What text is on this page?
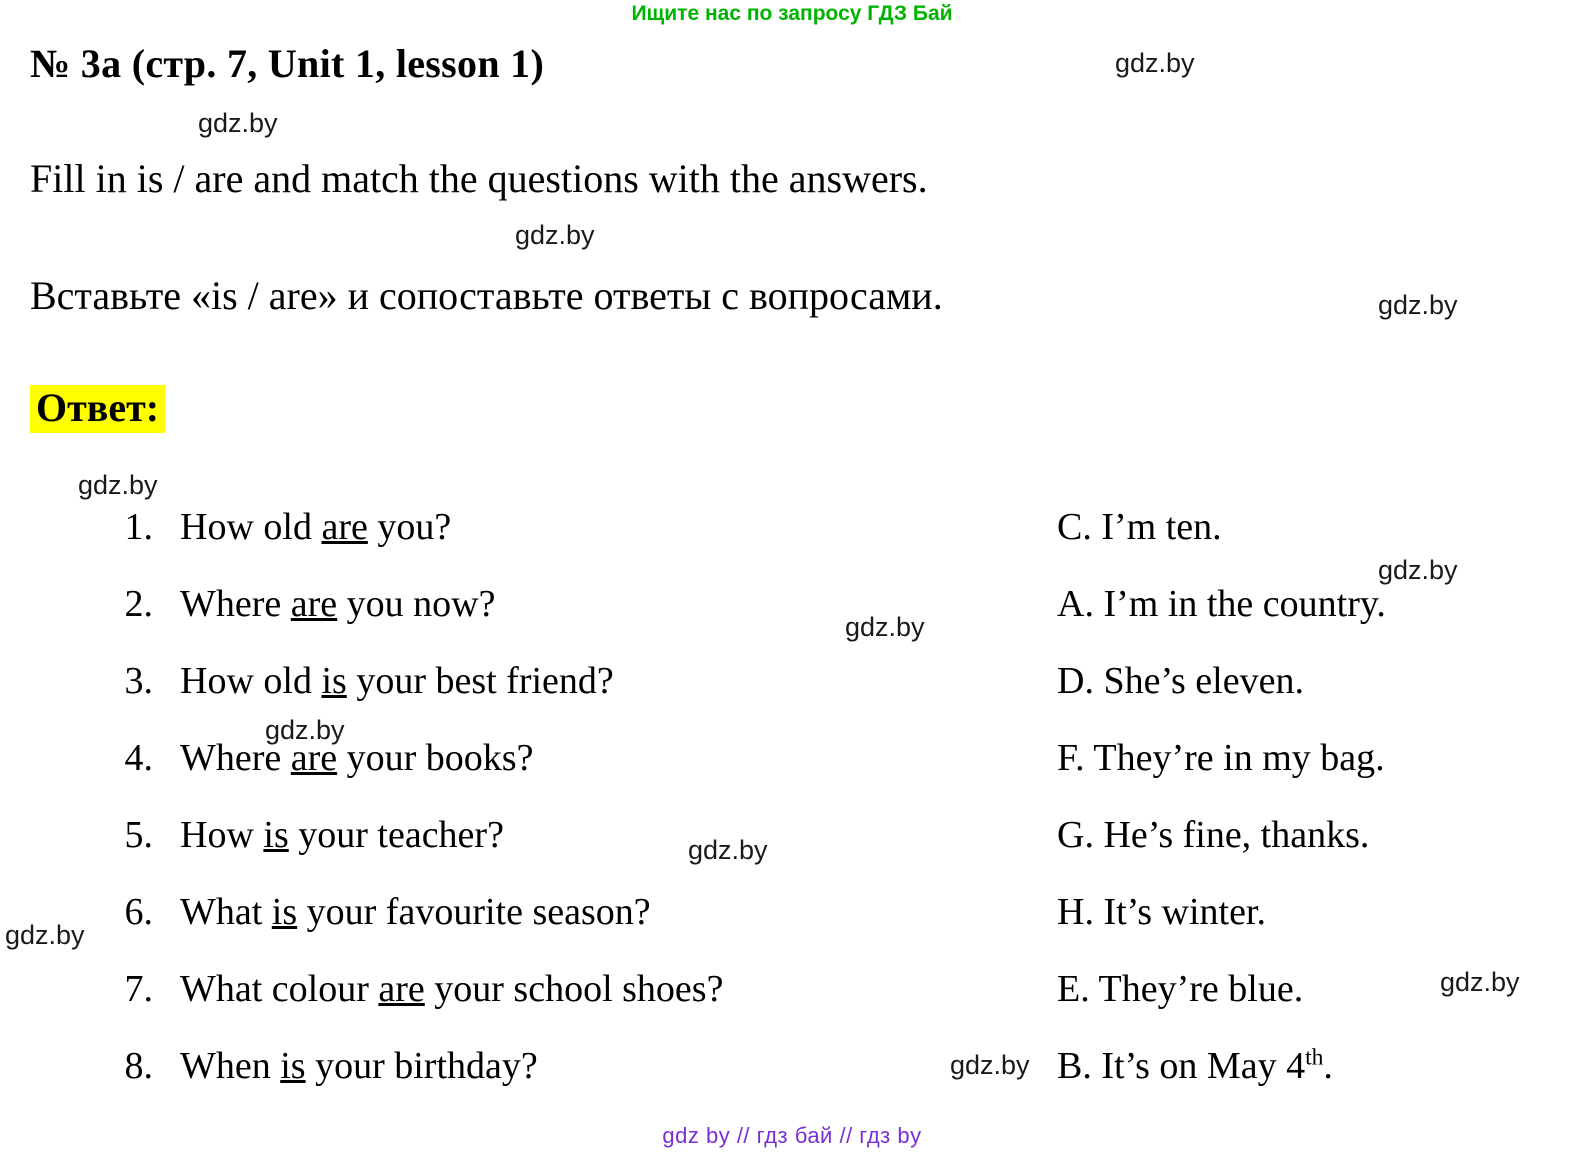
Ищите нас по запросу ГДЗ Бай
№ 3a (стр. 7, Unit 1, lesson 1)
Fill in is / are and match the questions with the answers.
Вставьте «is / are» и сопоставьте ответы с вопросами.
Ответ:
1. How old are you?	C. I’m ten.
2. Where are you now?	A. I’m in the country.
3. How old is your best friend?	D. She’s eleven.
4. Where are your books?	F. They’re in my bag.
5. How is your teacher?	G. He’s fine, thanks.
6. What is your favourite season?	H. It’s winter.
7. What colour are your school shoes?	E. They’re blue.
8. When is your birthday?	B. It’s on May 4th.
gdz.by
gdz.by
gdz.by
gdz.by
gdz.by
gdz.by
gdz.by
gdz.by
gdz.by
gdz.by
gdz.by
gdz.by
gdz by // гдз бай // гдз by
